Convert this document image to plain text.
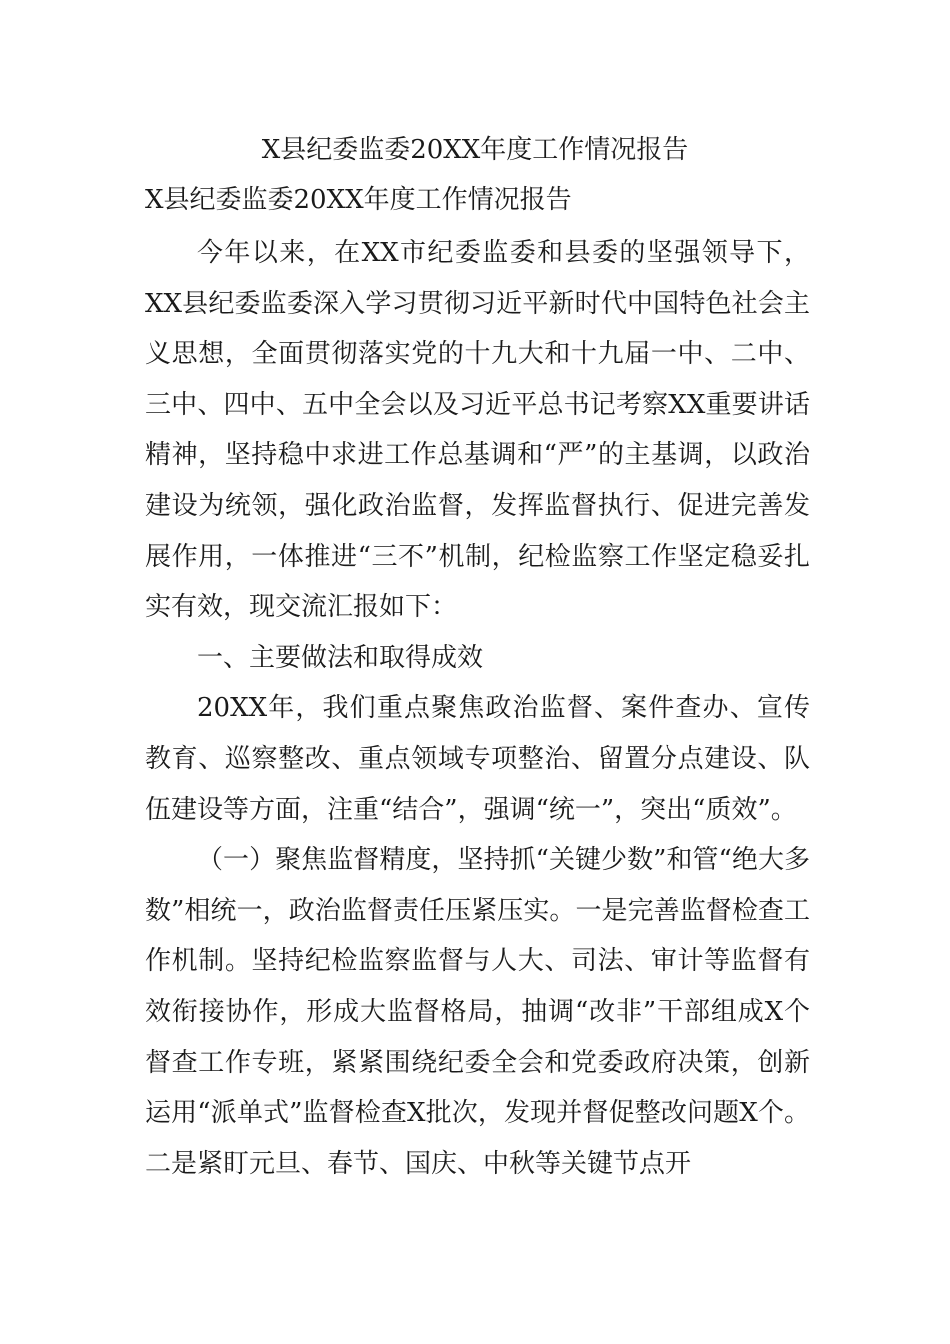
X县纪委监委20XX年度工作情况报告
X县纪委监委20XX年度工作情况报告

今年以来，在XX市纪委监委和县委的坚强领导下，XX县纪委监委深入学习贯彻习近平新时代中国特色社会主义思想，全面贯彻落实党的十九大和十九届一中、二中、三中、四中、五中全会以及习近平总书记考察XX重要讲话精神，坚持稳中求进工作总基调和“严”的主基调，以政治建设为统领，强化政治监督，发挥监督执行、促进完善发展作用，一体推进“三不”机制，纪检监察工作坚定稳妥扎实有效，现交流汇报如下：

一、主要做法和取得成效

20XX年，我们重点聚焦政治监督、案件查办、宣传教育、巡察整改、重点领域专项整治、留置分点建设、队伍建设等方面，注重“结合”，强调“统一”，突出“质效”。

（一）聚焦监督精度，坚持抓“关键少数”和管“绝大多数”相统一，政治监督责任压紧压实。一是完善监督检查工作机制。坚持纪检监察监督与人大、司法、审计等监督有效衔接协作，形成大监督格局，抽调“改非”干部组成X个督查工作专班，紧紧围绕纪委全会和党委政府决策，创新运用“派单式”监督检查X批次，发现并督促整改问题X个。二是紧盯元旦、春节、国庆、中秋等关键节点开
